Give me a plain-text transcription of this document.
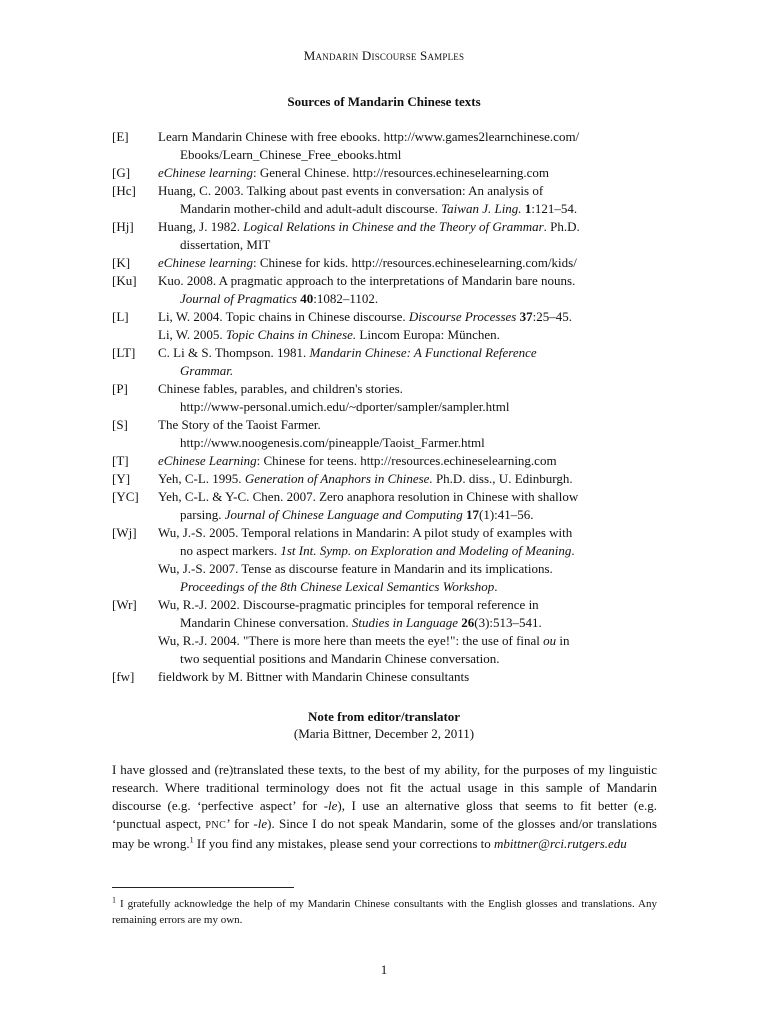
Mandarin Discourse Samples
Sources of Mandarin Chinese texts
[E]	Learn Mandarin Chinese with free ebooks. http://www.games2learnchinese.com/
Ebooks/Learn_Chinese_Free_ebooks.html
[G]	eChinese learning: General Chinese. http://resources.echineselearning.com
[Hc]	Huang, C. 2003. Talking about past events in conversation: An analysis of
Mandarin mother-child and adult-adult discourse. Taiwan J. Ling. 1:121–54.
[Hj]	Huang, J. 1982. Logical Relations in Chinese and the Theory of Grammar. Ph.D.
dissertation, MIT
[K]	eChinese learning: Chinese for kids. http://resources.echineselearning.com/kids/
[Ku]	Kuo. 2008. A pragmatic approach to the interpretations of Mandarin bare nouns.
Journal of Pragmatics 40:1082–1102.
[L]	Li, W. 2004. Topic chains in Chinese discourse. Discourse Processes 37:25–45.
Li, W. 2005. Topic Chains in Chinese. Lincom Europa: München.
[LT]	C. Li & S. Thompson. 1981. Mandarin Chinese: A Functional Reference
Grammar.
[P]	Chinese fables, parables, and children's stories.
http://www-personal.umich.edu/~dporter/sampler/sampler.html
[S]	The Story of the Taoist Farmer.
http://www.noogenesis.com/pineapple/Taoist_Farmer.html
[T]	eChinese Learning: Chinese for teens. http://resources.echineselearning.com
[Y]	Yeh, C-L. 1995. Generation of Anaphors in Chinese. Ph.D. diss., U. Edinburgh.
[YC]	Yeh, C-L. & Y-C. Chen. 2007. Zero anaphora resolution in Chinese with shallow
parsing. Journal of Chinese Language and Computing 17(1):41–56.
[Wj]	Wu, J.-S. 2005. Temporal relations in Mandarin: A pilot study of examples with
no aspect markers. 1st Int. Symp. on Exploration and Modeling of Meaning.
Wu, J.-S. 2007. Tense as discourse feature in Mandarin and its implications.
Proceedings of the 8th Chinese Lexical Semantics Workshop.
[Wr]	Wu, R.-J. 2002. Discourse-pragmatic principles for temporal reference in
Mandarin Chinese conversation. Studies in Language 26(3):513–541.
Wu, R.-J. 2004. "There is more here than meets the eye!": the use of final ou in
two sequential positions and Mandarin Chinese conversation.
[fw]	fieldwork by M. Bittner with Mandarin Chinese consultants
Note from editor/translator
(Maria Bittner, December 2, 2011)
I have glossed and (re)translated these texts, to the best of my ability, for the purposes of my linguistic research. Where traditional terminology does not fit the actual usage in this sample of Mandarin discourse (e.g. ‘perfective aspect’ for -le), I use an alternative gloss that seems to fit better (e.g. ‘punctual aspect, PNC’ for -le). Since I do not speak Mandarin, some of the glosses and/or translations may be wrong.$^1$ If you find any mistakes, please send your corrections to mbittner@rci.rutgers.edu
$^1$ I gratefully acknowledge the help of my Mandarin Chinese consultants with the English glosses and translations. Any remaining errors are my own.
1
